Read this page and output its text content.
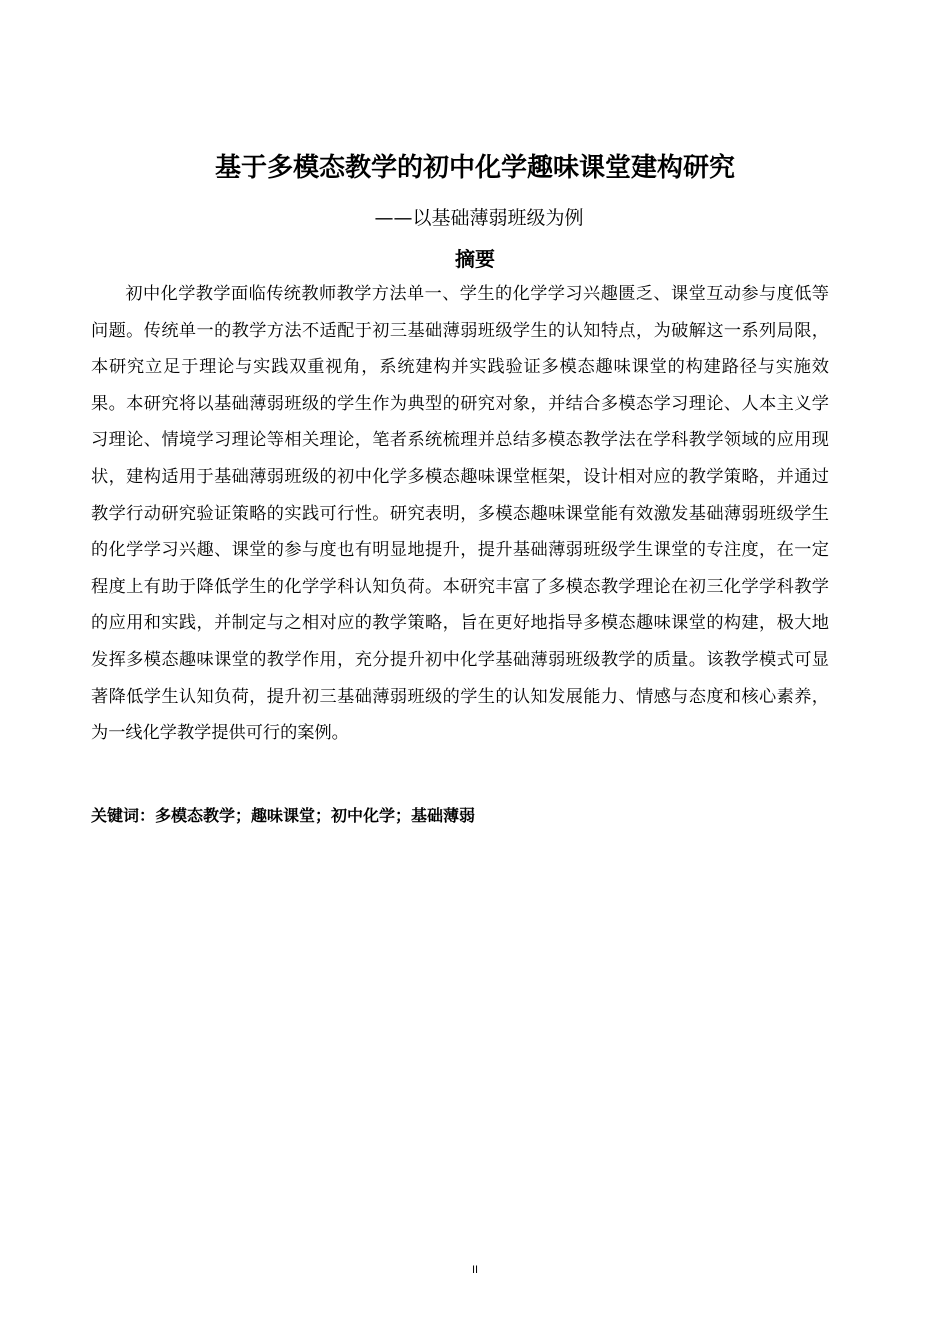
基于多模态教学的初中化学趣味课堂建构研究
——以基础薄弱班级为例
摘要

初中化学教学面临传统教师教学方法单一、学生的化学学习兴趣匮乏、课堂互动参与度低等问题。传统单一的教学方法不适配于初三基础薄弱班级学生的认知特点，为破解这一系列局限，本研究立足于理论与实践双重视角，系统建构并实践验证多模态趣味课堂的构建路径与实施效果。本研究将以基础薄弱班级的学生作为典型的研究对象，并结合多模态学习理论、人本主义学习理论、情境学习理论等相关理论，笔者系统梳理并总结多模态教学法在学科教学领域的应用现状，建构适用于基础薄弱班级的初中化学多模态趣味课堂框架，设计相对应的教学策略，并通过教学行动研究验证策略的实践可行性。研究表明，多模态趣味课堂能有效激发基础薄弱班级学生的化学学习兴趣、课堂的参与度也有明显地提升，提升基础薄弱班级学生课堂的专注度，在一定程度上有助于降低学生的化学学科认知负荷。本研究丰富了多模态教学理论在初三化学学科教学的应用和实践，并制定与之相对应的教学策略，旨在更好地指导多模态趣味课堂的构建，极大地发挥多模态趣味课堂的教学作用，充分提升初中化学基础薄弱班级教学的质量。该教学模式可显著降低学生认知负荷，提升初三基础薄弱班级的学生的认知发展能力、情感与态度和核心素养，为一线化学教学提供可行的案例。

关键词：多模态教学；趣味课堂；初中化学；基础薄弱
II
